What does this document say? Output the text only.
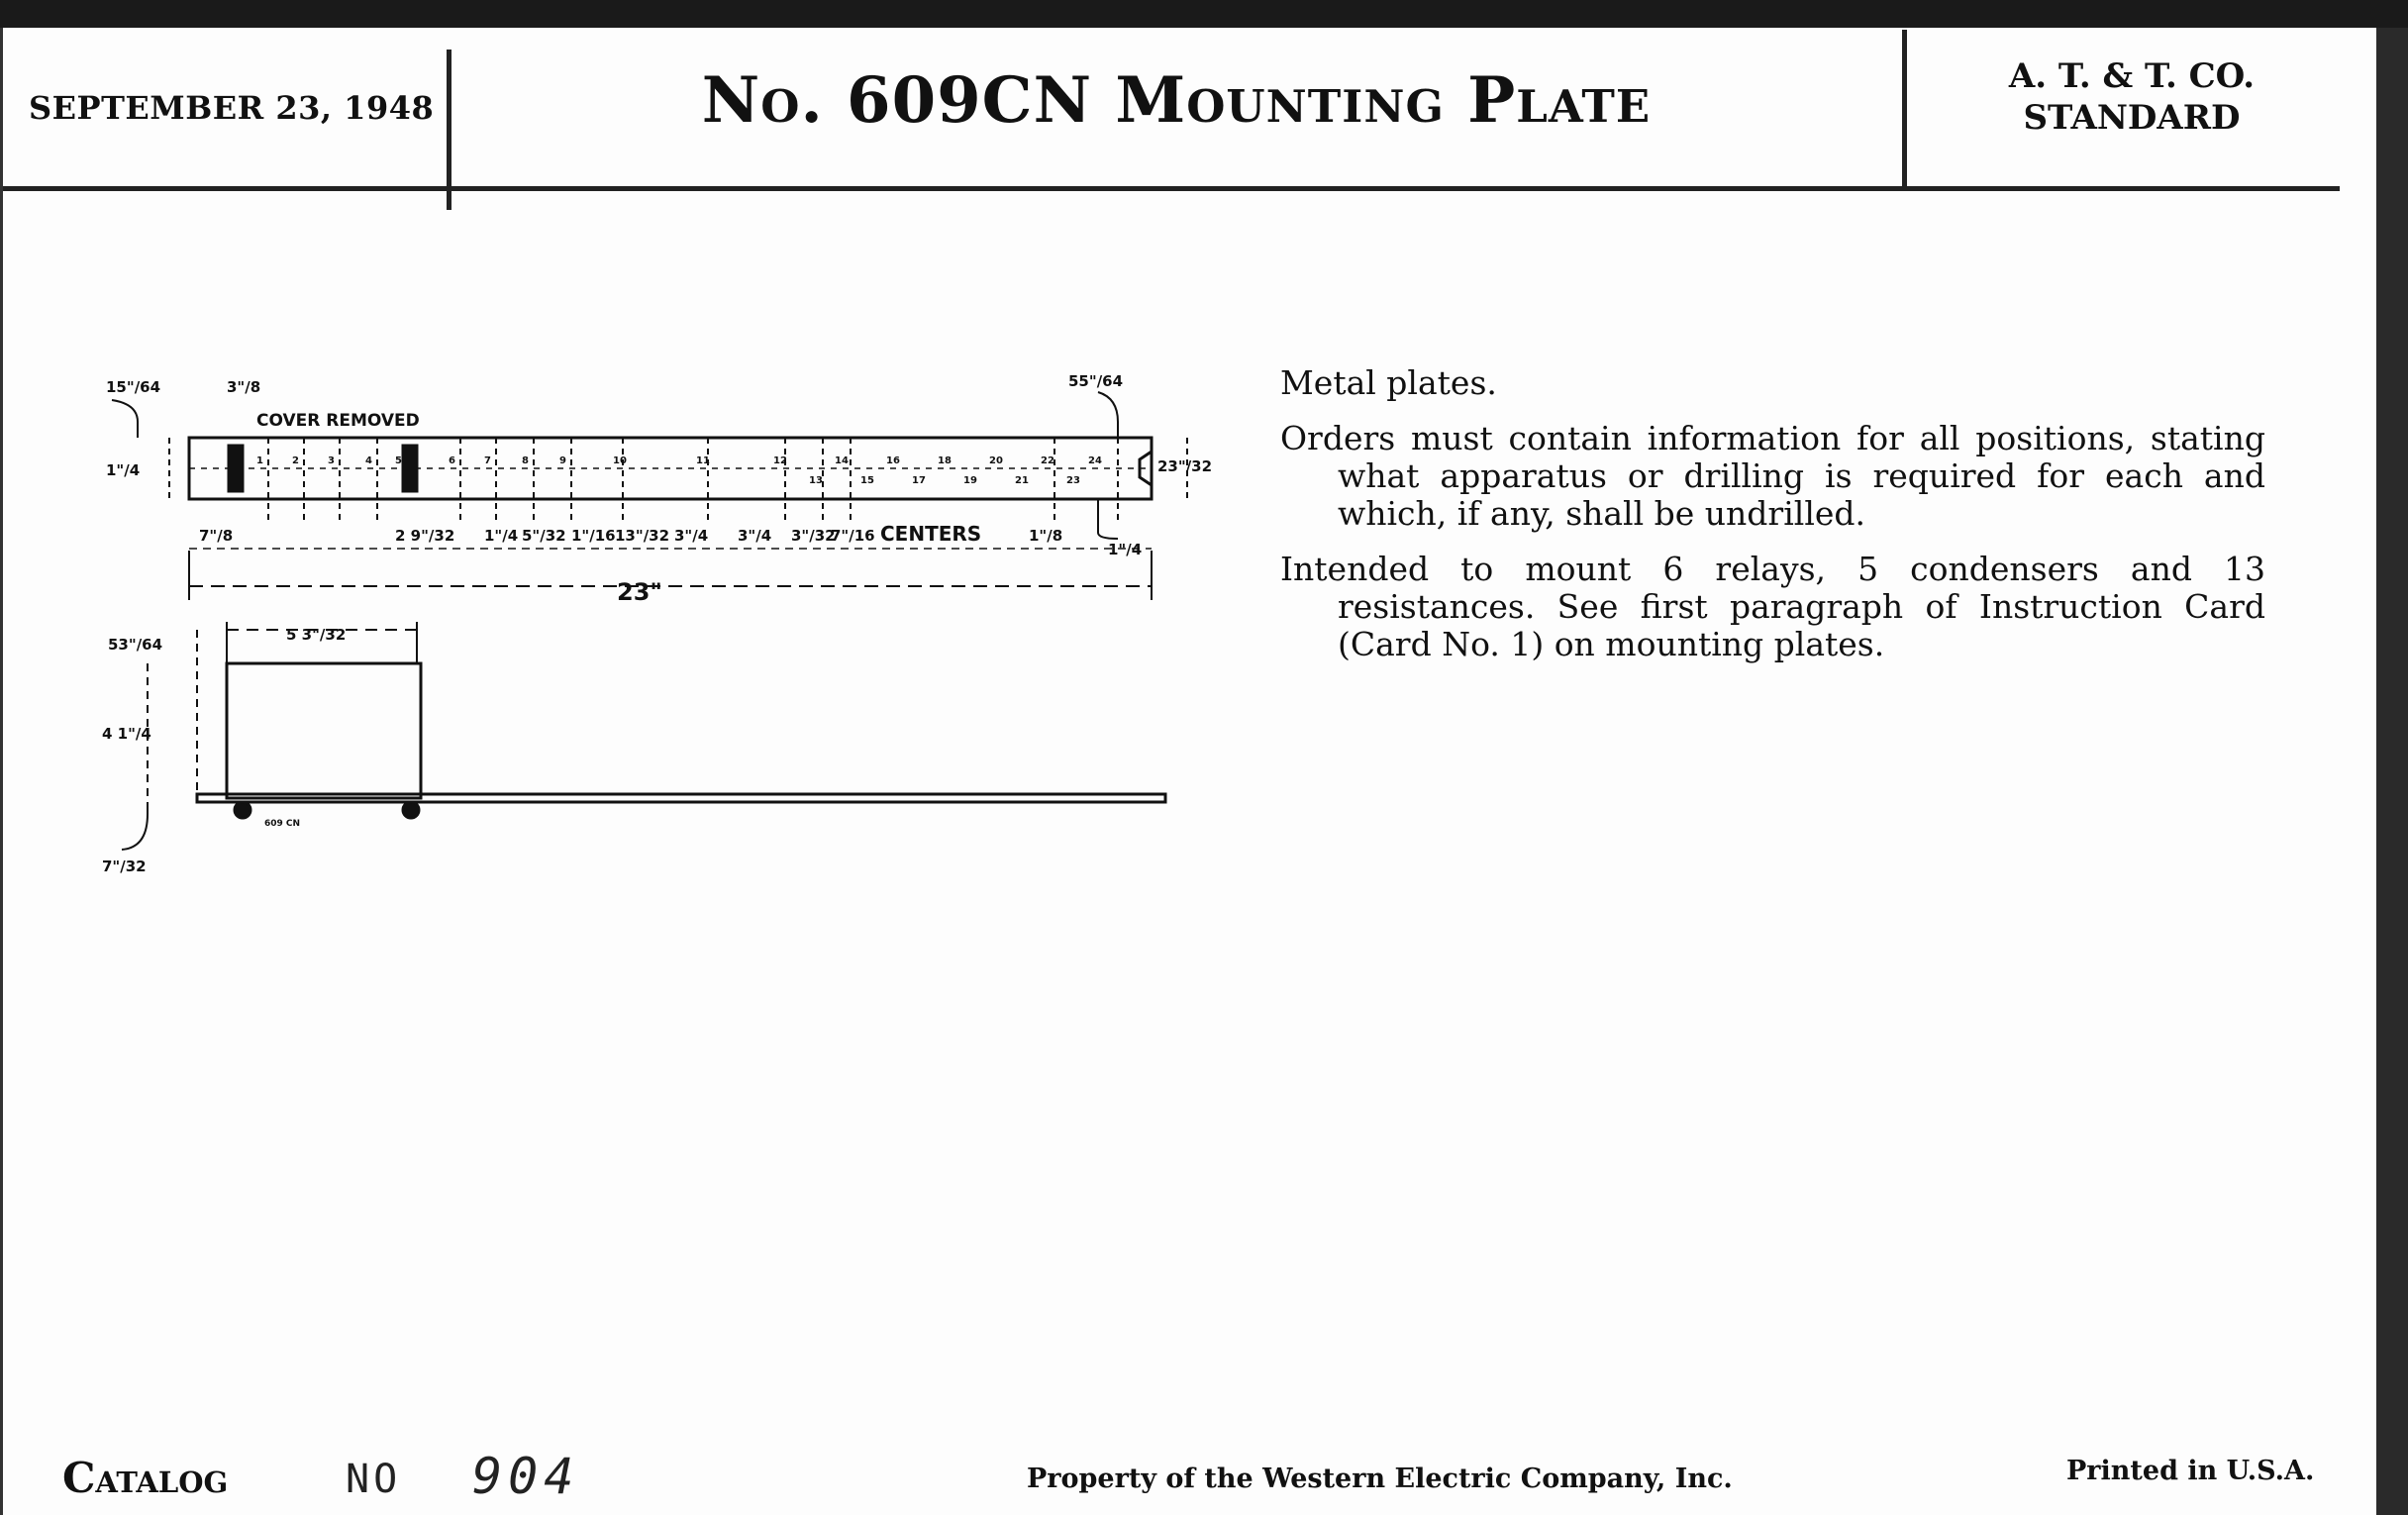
SEPTEMBER 23, 1948	No. 609CN Mounting Plate	A. T. & T. CO.
STANDARD
COVER REMOVED
CENTERS
23"
609 CN
15"/64	3"/8
1"/4
7"/8	2 9"/32 1"/4 5"/32 1"/16 13"/32 3"/4 3"/4 3"/32
7"/16	1"/8
55"/64
23"/32
1"/4
53"/64
5 3"/32
4 1"/4
7"/32
1	2	3	4 5	6	7	8	9	10	11	12
13
14
15
16
17
18
19
20
21
22
23
24

Metal plates.

Orders must contain information for all positions, stating what apparatus or drilling is required for each and which, if any, shall be undrilled.

Intended to mount 6 relays, 5 condensers and 13 resistances. See first paragraph of Instruction Card (Card No. 1) on mounting plates.

Catalog	NO 904	Property of the Western Electric Company, Inc.	Printed in U.S.A.
